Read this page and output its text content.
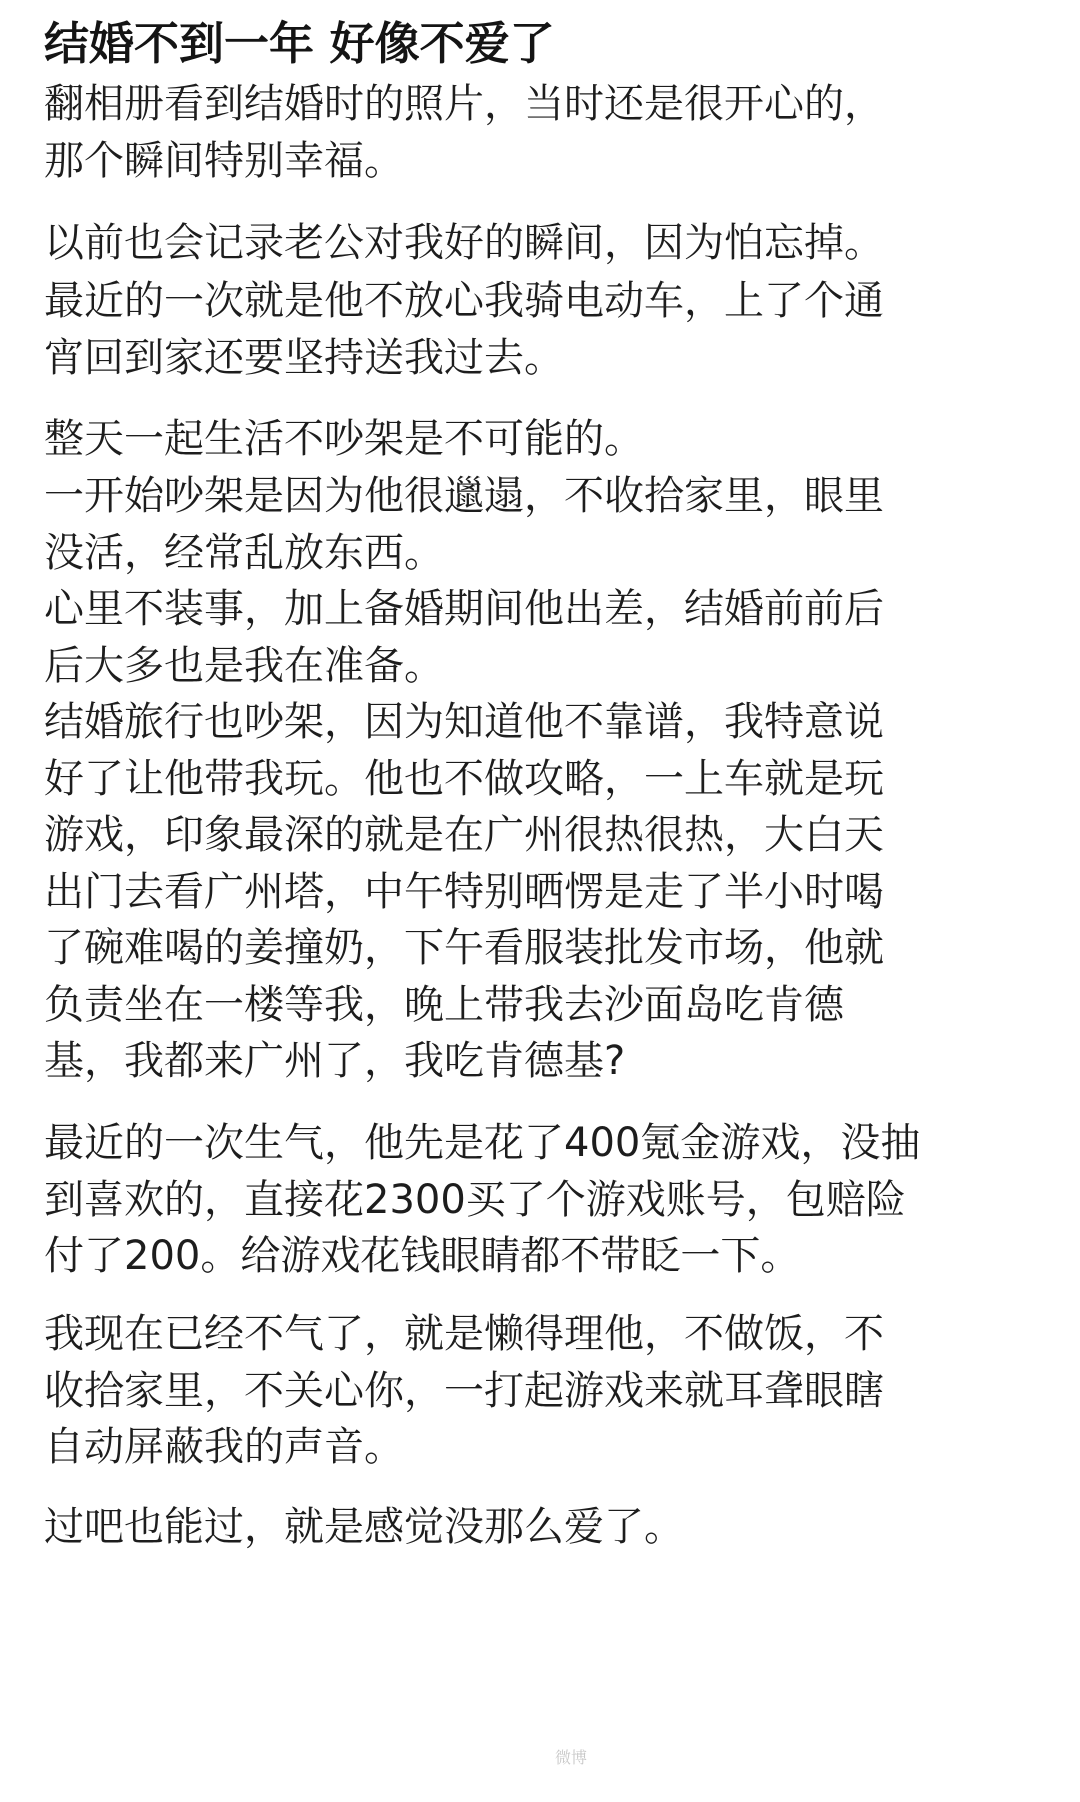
结婚不到一年 好像不爱了
翻相册看到结婚时的照片，当时还是很开心的，
那个瞬间特别幸福。
以前也会记录老公对我好的瞬间，因为怕忘掉。
最近的一次就是他不放心我骑电动车，上了个通
宵回到家还要坚持送我过去。
整天一起生活不吵架是不可能的。
一开始吵架是因为他很邋遢，不收拾家里，眼里
没活，经常乱放东西。
心里不装事，加上备婚期间他出差，结婚前前后
后大多也是我在准备。
结婚旅行也吵架，因为知道他不靠谱，我特意说
好了让他带我玩。他也不做攻略，一上车就是玩
游戏，印象最深的就是在广州很热很热，大白天
出门去看广州塔，中午特别晒愣是走了半小时喝
了碗难喝的姜撞奶，下午看服装批发市场，他就
负责坐在一楼等我，晚上带我去沙面岛吃肯德
基，我都来广州了，我吃肯德基?
最近的一次生气，他先是花了400氪金游戏，没抽
到喜欢的，直接花2300买了个游戏账号，包赔险
付了200。给游戏花钱眼睛都不带眨一下。
我现在已经不气了，就是懒得理他，不做饭，不
收拾家里，不关心你，一打起游戏来就耳聋眼瞎
自动屏蔽我的声音。
过吧也能过，就是感觉没那么爱了。
微博
